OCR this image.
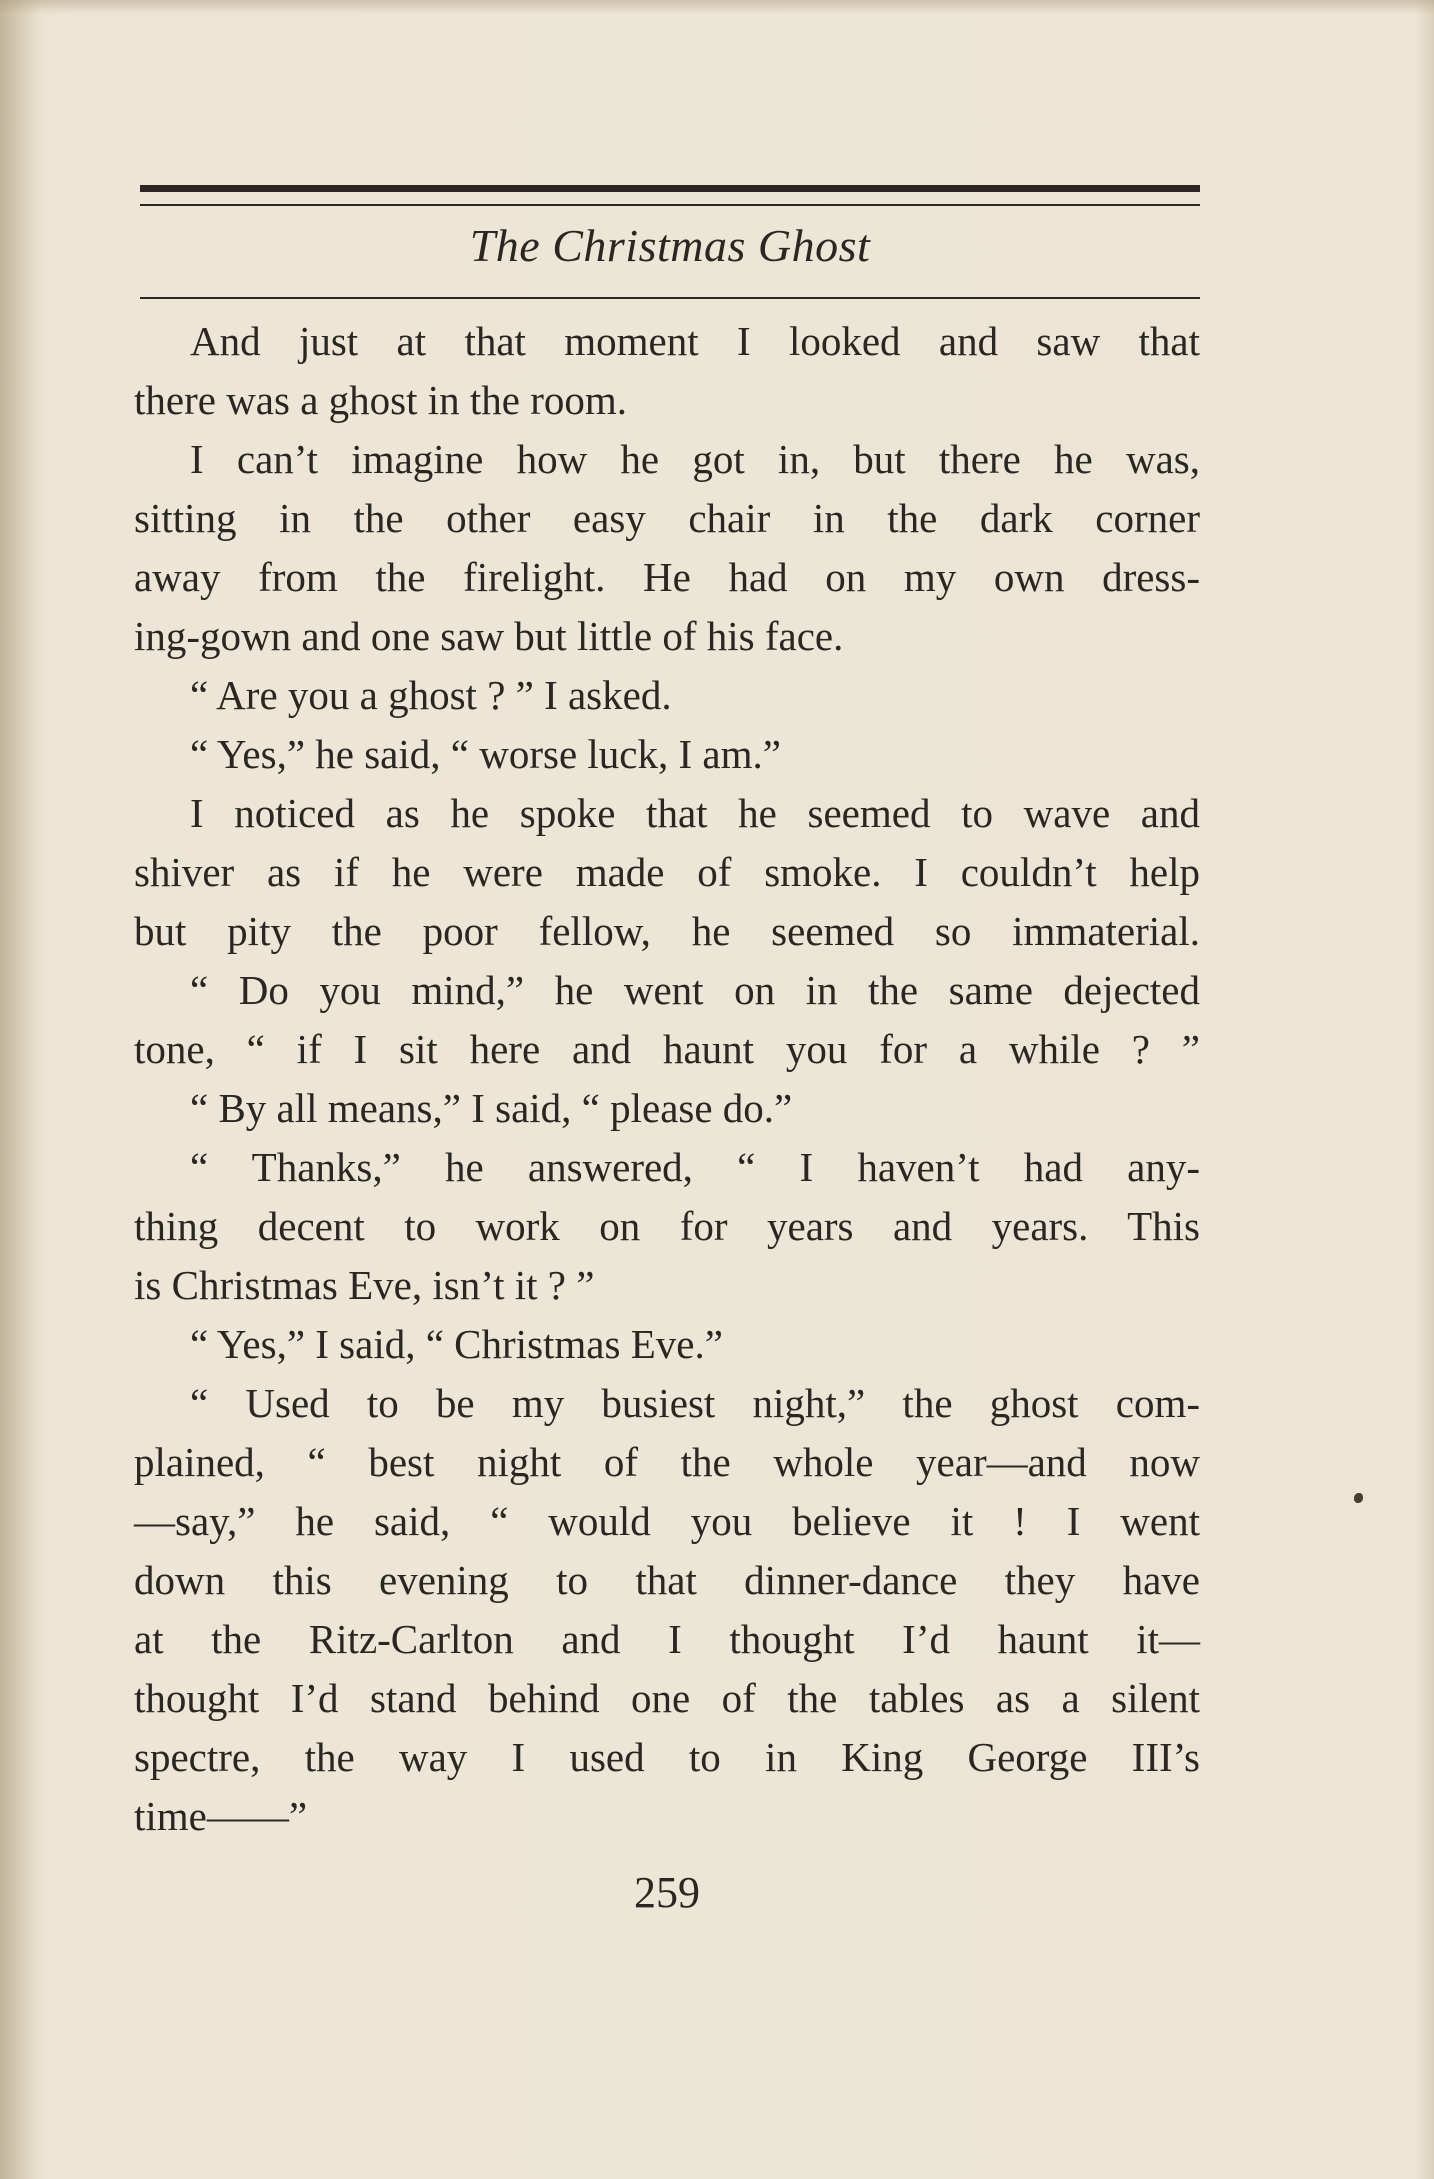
The Christmas Ghost
And just at that moment I looked and saw that
there was a ghost in the room.
I can’t imagine how he got in, but there he was,
sitting in the other easy chair in the dark corner
away from the firelight. He had on my own dress-
ing-gown and one saw but little of his face.
“ Are you a ghost ? ” I asked.
“ Yes,” he said, “ worse luck, I am.”
I noticed as he spoke that he seemed to wave and
shiver as if he were made of smoke. I couldn’t help
but pity the poor fellow, he seemed so immaterial.
“ Do you mind,” he went on in the same dejected
tone, “ if I sit here and haunt you for a while ? ”
“ By all means,” I said, “ please do.”
“ Thanks,” he answered, “ I haven’t had any-
thing decent to work on for years and years. This
is Christmas Eve, isn’t it ? ”
“ Yes,” I said, “ Christmas Eve.”
“ Used to be my busiest night,” the ghost com-
plained, “ best night of the whole year—and now
—say,” he said, “ would you believe it ! I went
down this evening to that dinner-dance they have
at the Ritz-Carlton and I thought I’d haunt it—
thought I’d stand behind one of the tables as a silent
spectre, the way I used to in King George III’s
time——”
259
